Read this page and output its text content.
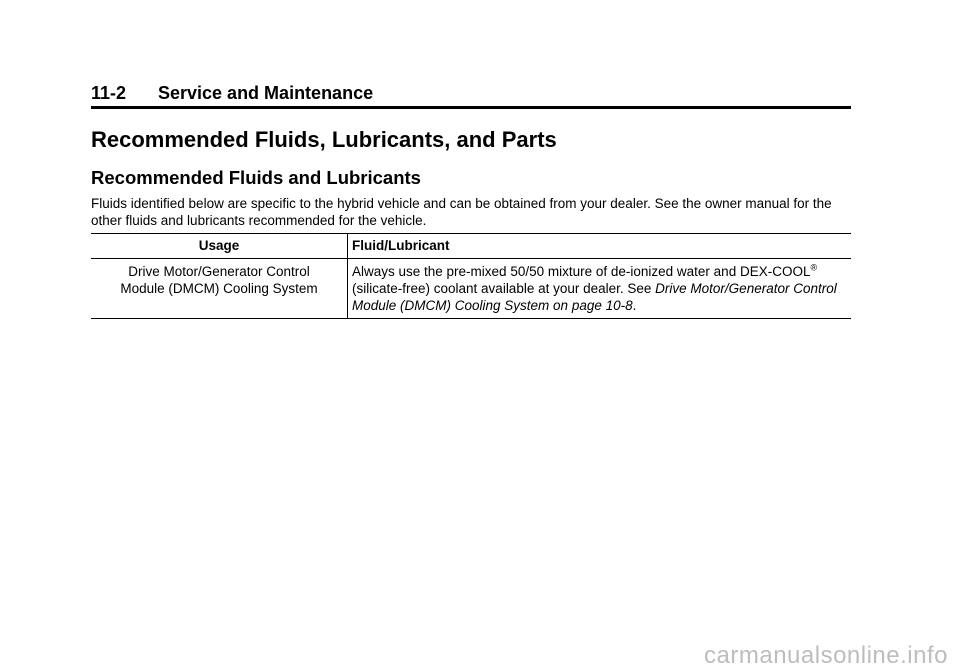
11-2 Service and Maintenance
Recommended Fluids, Lubricants, and Parts
Recommended Fluids and Lubricants

Fluids identified below are specific to the hybrid vehicle and can be obtained from your dealer. See the owner manual for the other fluids and lubricants recommended for the vehicle.

Usage	Fluid/Lubricant
Drive Motor/Generator Control
Module (DMCM) Cooling System	Always use the pre-mixed 50/50 mixture of de-ionized water and DEX-COOL® (silicate-free) coolant available at your dealer. See Drive Motor/Generator Control Module (DMCM) Cooling System on page 10-8.
carmanualsonline.info
